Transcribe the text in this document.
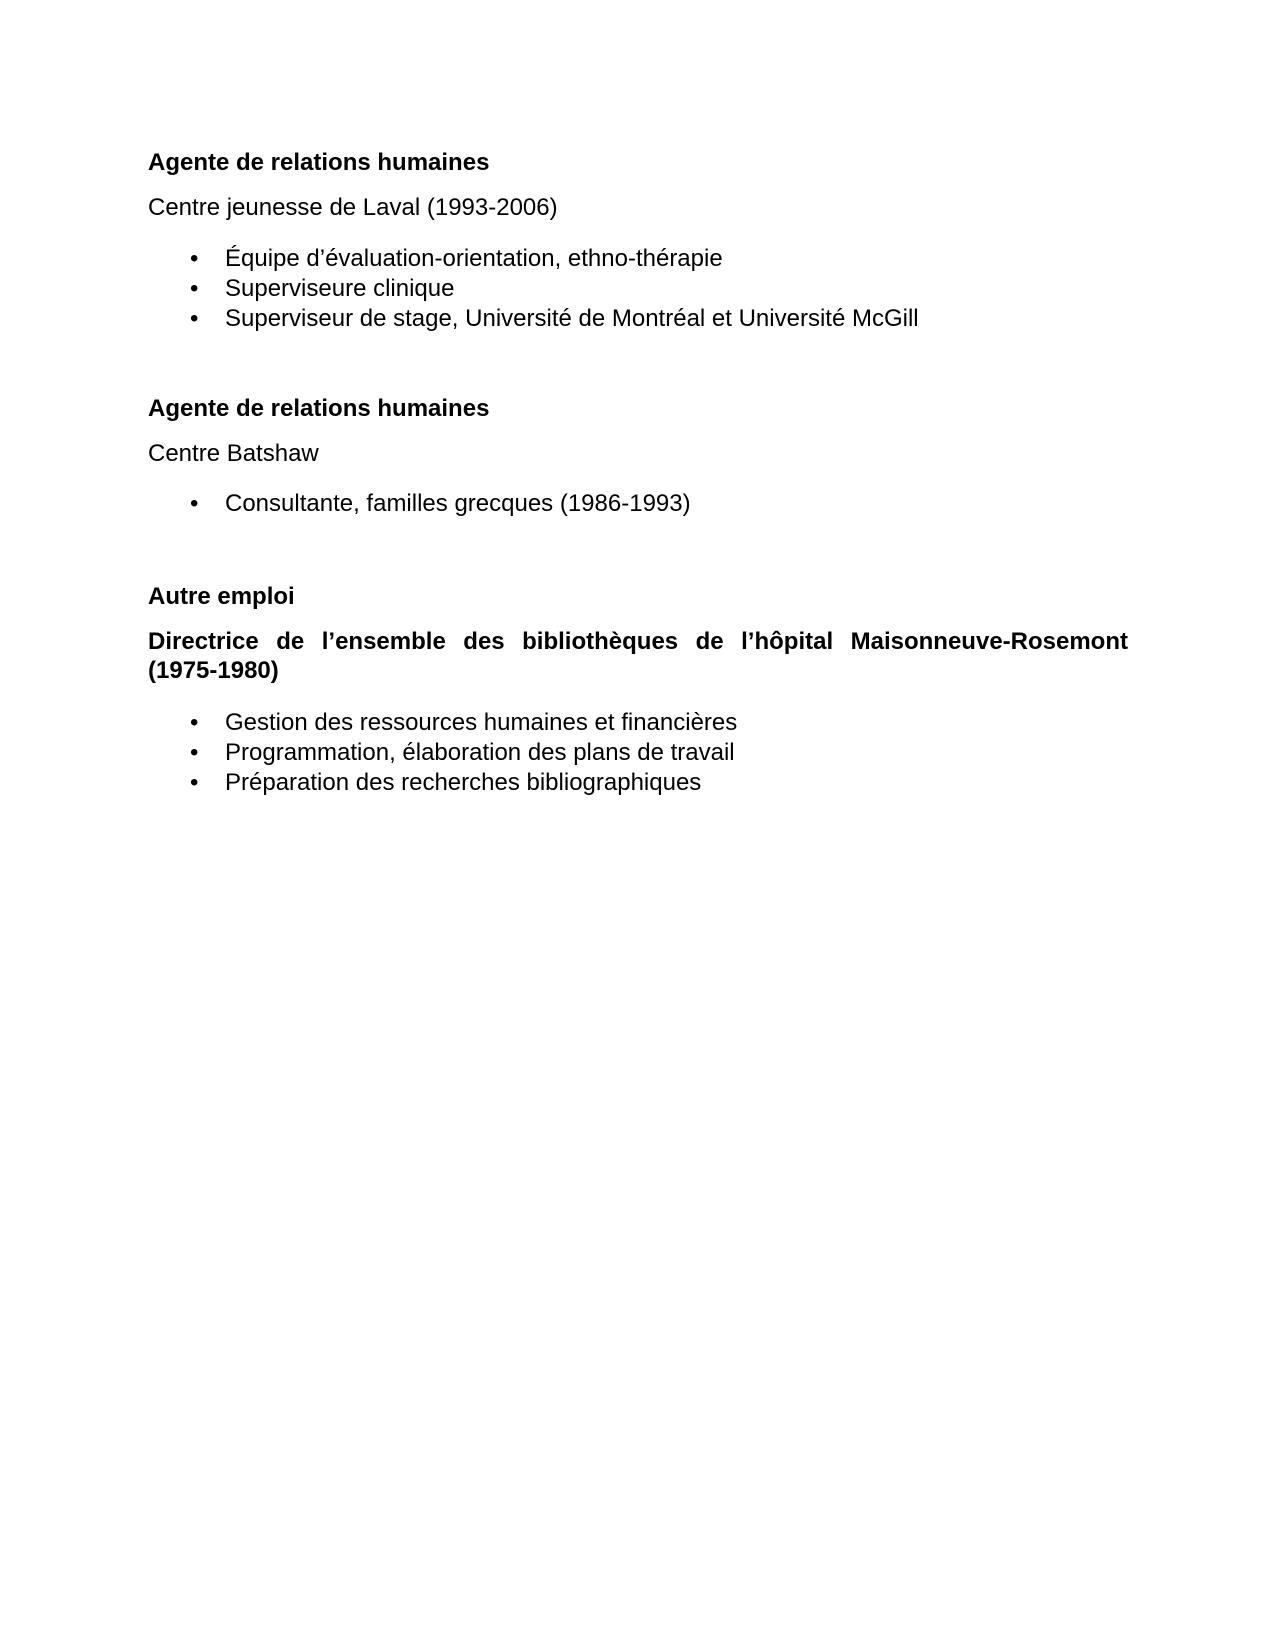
Agente de relations humaines

Centre jeunesse de Laval (1993-2006)

• Équipe d’évaluation-orientation, ethno-thérapie
• Superviseure clinique
• Superviseur de stage, Université de Montréal et Université McGill

Agente de relations humaines

Centre Batshaw

• Consultante, familles grecques (1986-1993)

Autre emploi

Directrice de l’ensemble des bibliothèques de l’hôpital Maisonneuve-Rosemont (1975-1980)

• Gestion des ressources humaines et financières
• Programmation, élaboration des plans de travail
• Préparation des recherches bibliographiques
